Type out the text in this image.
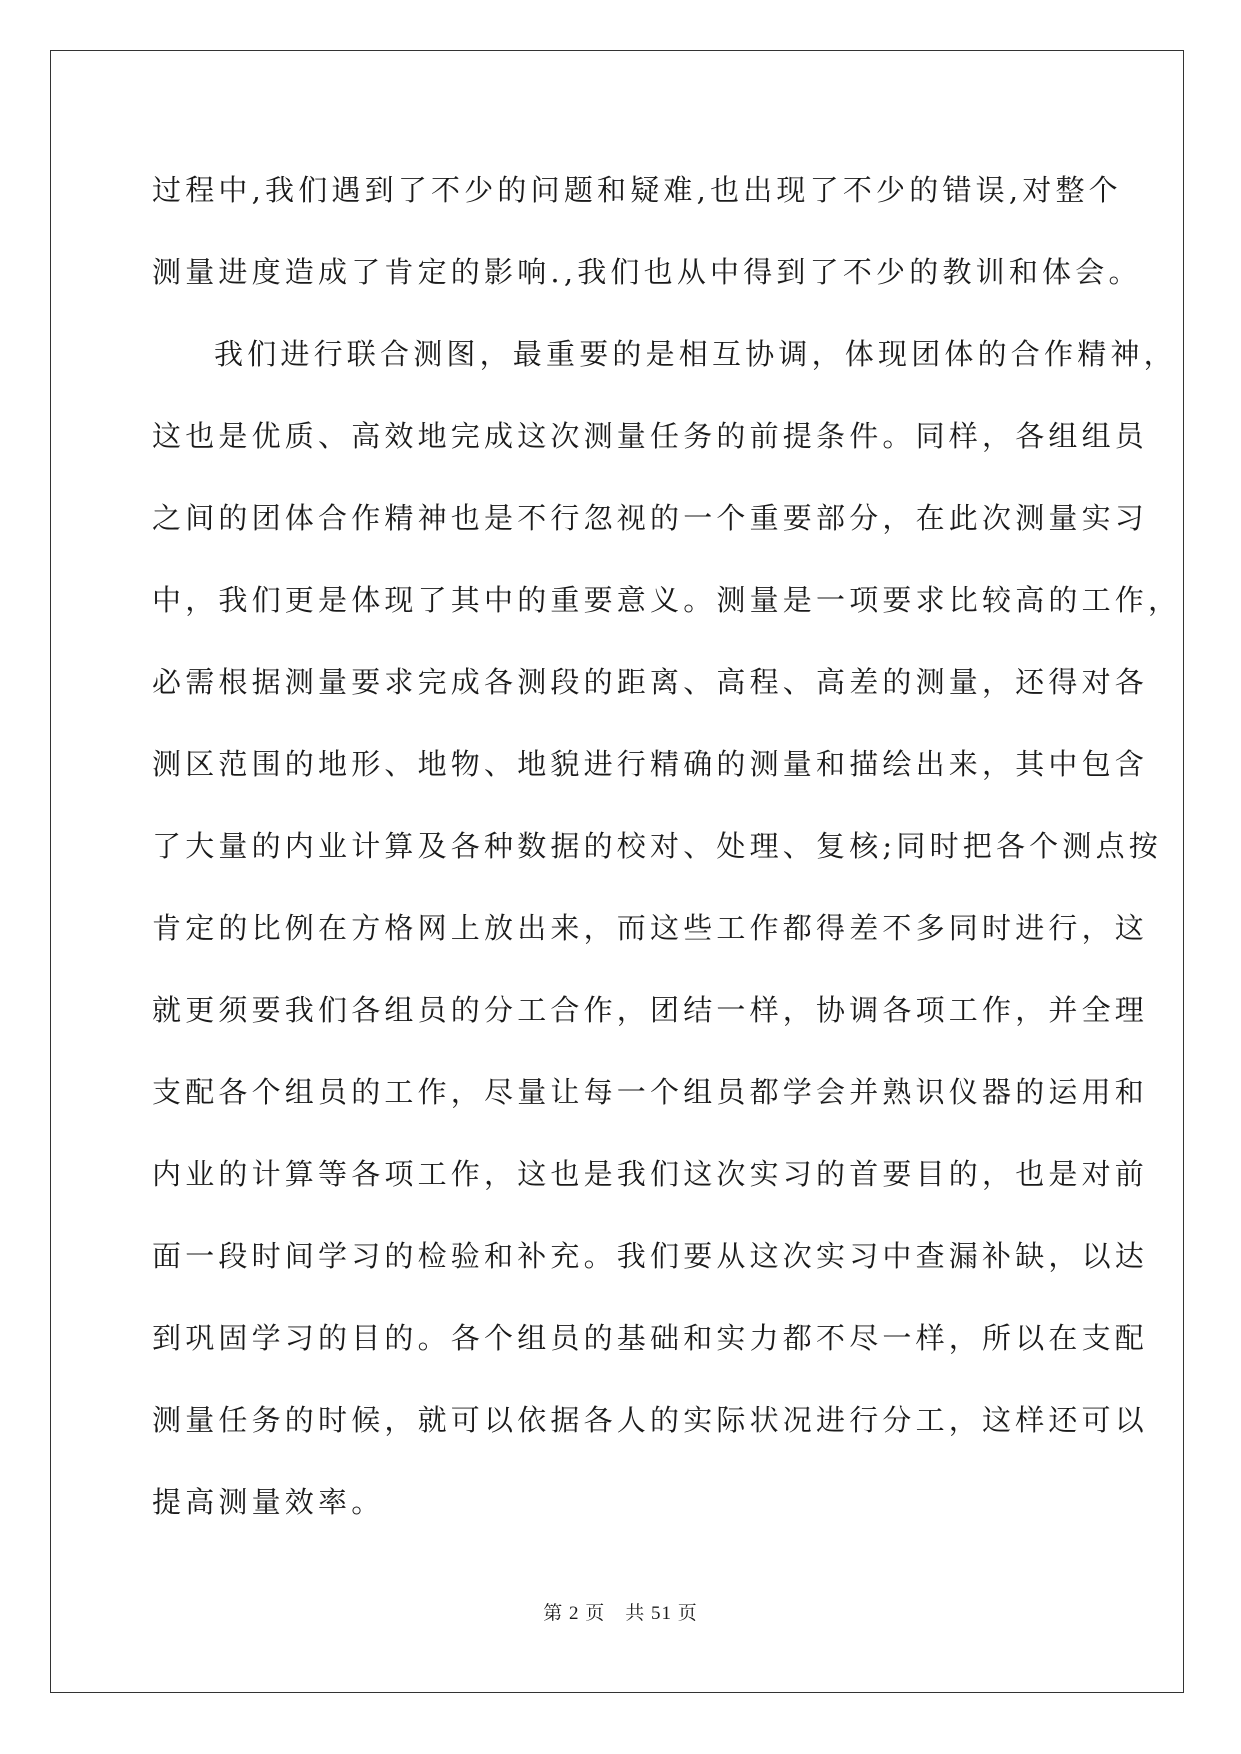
过程中,我们遇到了不少的问题和疑难,也出现了不少的错误,对整个
测量进度造成了肯定的影响.,我们也从中得到了不少的教训和体会。
我们进行联合测图，最重要的是相互协调，体现团体的合作精神，
这也是优质、高效地完成这次测量任务的前提条件。同样，各组组员
之间的团体合作精神也是不行忽视的一个重要部分，在此次测量实习
中，我们更是体现了其中的重要意义。测量是一项要求比较高的工作，
必需根据测量要求完成各测段的距离、高程、高差的测量，还得对各
测区范围的地形、地物、地貌进行精确的测量和描绘出来，其中包含
了大量的内业计算及各种数据的校对、处理、复核;同时把各个测点按
肯定的比例在方格网上放出来，而这些工作都得差不多同时进行，这
就更须要我们各组员的分工合作，团结一样，协调各项工作，并全理
支配各个组员的工作，尽量让每一个组员都学会并熟识仪器的运用和
内业的计算等各项工作，这也是我们这次实习的首要目的，也是对前
面一段时间学习的检验和补充。我们要从这次实习中查漏补缺，以达
到巩固学习的目的。各个组员的基础和实力都不尽一样，所以在支配
测量任务的时候，就可以依据各人的实际状况进行分工，这样还可以
提高测量效率。
第 2 页　共 51 页
